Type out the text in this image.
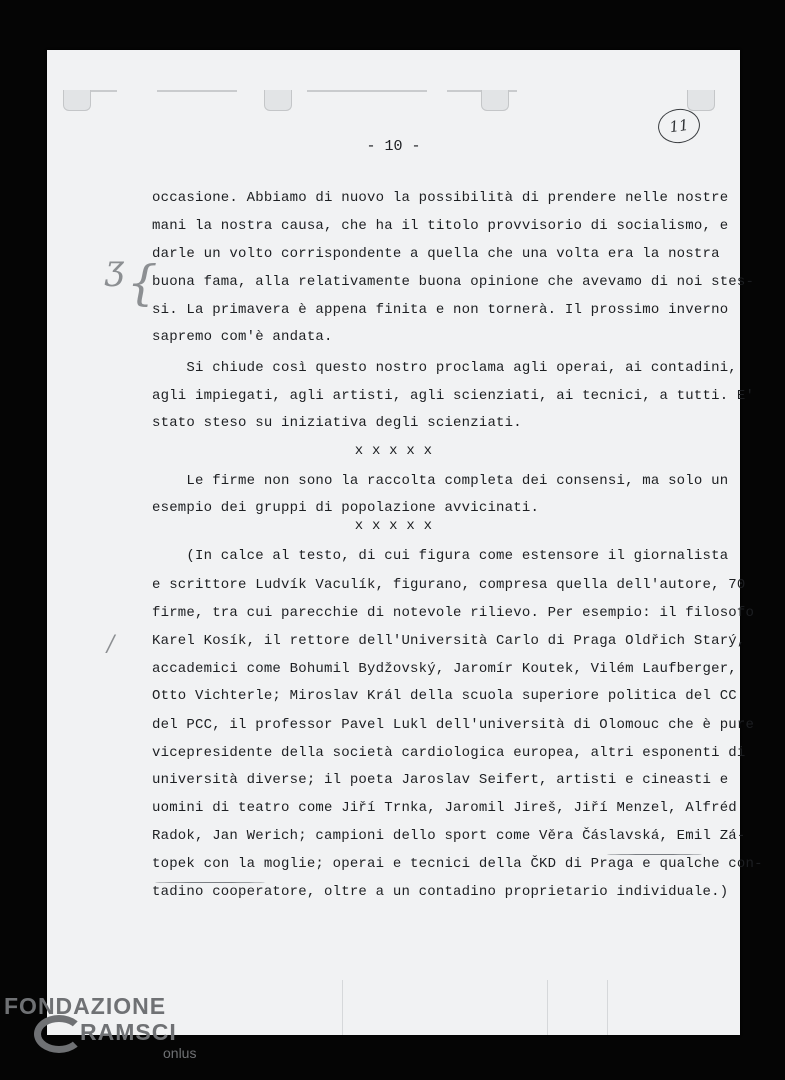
11
- 10 -
occasione. Abbiamo di nuovo la possibilità di prendere nelle nostre
mani la nostra causa, che ha il titolo provvisorio di socialismo, e
darle un volto corrispondente a quella che una volta era la nostra
buona fama, alla relativamente buona opinione che avevamo di noi stes-
si. La primavera è appena finita e non tornerà. Il prossimo inverno
sapremo com'è andata.
Si chiude così questo nostro proclama agli operai, ai contadini,
agli impiegati, agli artisti, agli scienziati, ai tecnici, a tutti. E'
stato steso su iniziativa degli scienziati.
x x x x x
Le firme non sono la raccolta completa dei consensi, ma solo un
esempio dei gruppi di popolazione avvicinati.
x x x x x
(In calce al testo, di cui figura come estensore il giornalista
e scrittore Ludvík Vaculík, figurano, compresa quella dell'autore, 70
firme, tra cui parecchie di notevole rilievo. Per esempio: il filosofo
Karel Kosík, il rettore dell'Università Carlo di Praga Oldřich Starý,
accademici come Bohumil Bydžovský, Jaromír Koutek, Vilém Laufberger,
Otto Vichterle; Miroslav Král della scuola superiore politica del CC
del PCC, il professor Pavel Lukl dell'università di Olomouc che è pure
vicepresidente della società cardiologica europea, altri esponenti di
università diverse; il poeta Jaroslav Seifert, artisti e cineasti e
uomini di teatro come Jiří Trnka, Jaromil Jireš, Jiří Menzel, Alfréd
Radok, Jan Werich; campioni dello sport come Věra Čáslavská, Emil Zá-
topek con la moglie; operai e tecnici della ČKD di Praga e qualche con-
tadino cooperatore, oltre a un contadino proprietario individuale.)
ʒ {
/
FONDAZIONE
RAMSCI
onlus
